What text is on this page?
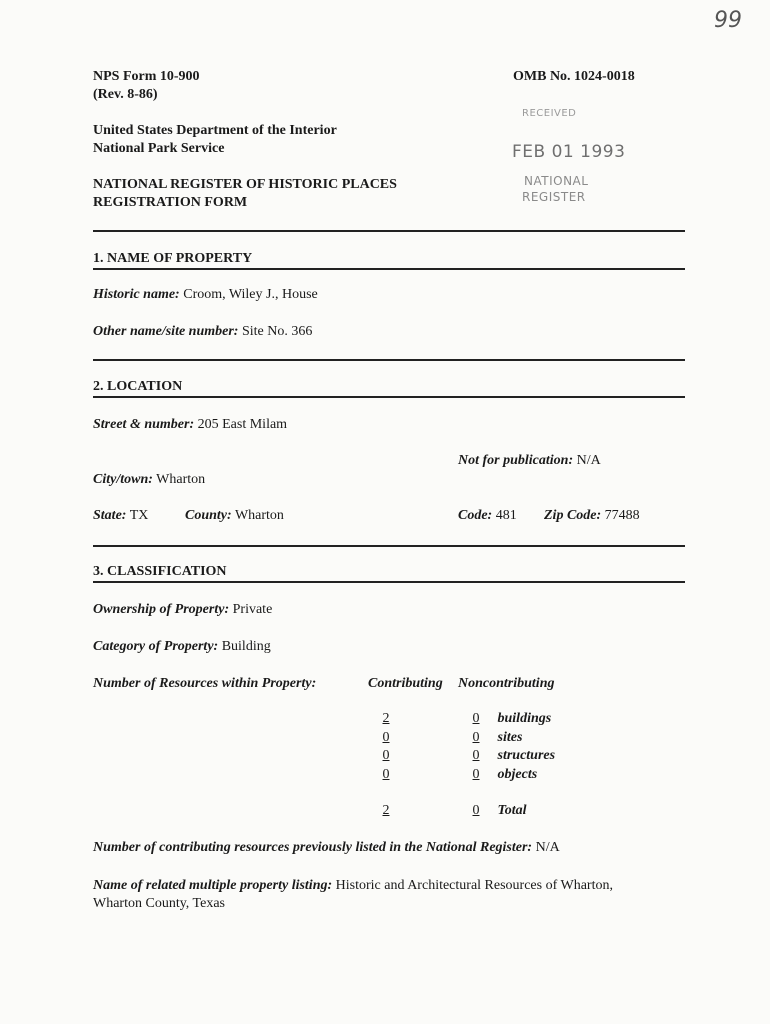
99
NPS Form 10-900
(Rev. 8-86)
OMB No. 1024-0018
United States Department of the Interior
National Park Service
NATIONAL REGISTER OF HISTORIC PLACES
REGISTRATION FORM
RECEIVED
FEB 01 1993
NATIONAL
REGISTER
1. NAME OF PROPERTY
Historic name: Croom, Wiley J., House
Other name/site number: Site No. 366
2. LOCATION
Street & number: 205 East Milam
Not for publication: N/A
City/town: Wharton
State: TX	County: Wharton	Code: 481 Zip Code: 77488
3. CLASSIFICATION
Ownership of Property: Private
Category of Property: Building
Number of Resources within Property:	Contributing Noncontributing
2	0 buildings
0	0 sites
0	0 structures
0	0 objects
2	0 Total
Number of contributing resources previously listed in the National Register: N/A
Name of related multiple property listing: Historic and Architectural Resources of Wharton,
Wharton County, Texas
